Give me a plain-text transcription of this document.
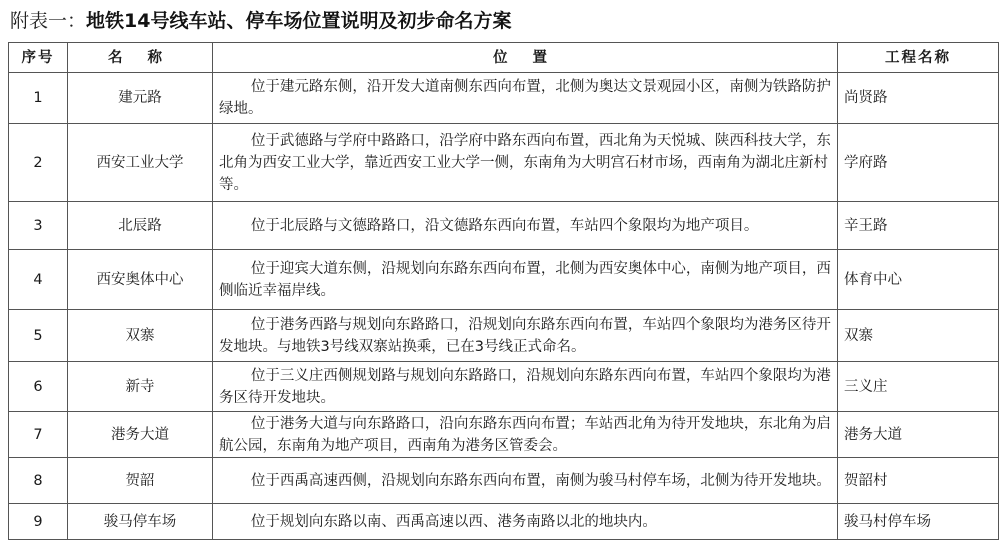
附表一：地铁14号线车站、停车场位置说明及初步命名方案
序号	名 称	位 置	工程名称
1	建元路	位于建元路东侧，沿开发大道南侧东西向布置，北侧为奥达文景观园小区，南侧为铁路防护绿地。	尚贤路
2	西安工业大学	位于武德路与学府中路路口，沿学府中路东西向布置，西北角为天悦城、陕西科技大学，东北角为西安工业大学，靠近西安工业大学一侧，东南角为大明宫石材市场，西南角为湖北庄新村等。	学府路
3	北辰路	位于北辰路与文德路路口，沿文德路东西向布置，车站四个象限均为地产项目。	辛王路
4	西安奥体中心	位于迎宾大道东侧，沿规划向东路东西向布置，北侧为西安奥体中心，南侧为地产项目，西侧临近幸福岸线。	体育中心
5	双寨	位于港务西路与规划向东路路口，沿规划向东路东西向布置，车站四个象限均为港务区待开发地块。与地铁3号线双寨站换乘，已在3号线正式命名。	双寨
6	新寺	位于三义庄西侧规划路与规划向东路路口，沿规划向东路东西向布置，车站四个象限均为港务区待开发地块。	三义庄
7	港务大道	位于港务大道与向东路路口，沿向东路东西向布置；车站西北角为待开发地块，东北角为启航公园，东南角为地产项目，西南角为港务区管委会。	港务大道
8	贺韶	位于西禹高速西侧，沿规划向东路东西向布置，南侧为骏马村停车场，北侧为待开发地块。	贺韶村
9	骏马停车场	位于规划向东路以南、西禹高速以西、港务南路以北的地块内。	骏马村停车场
